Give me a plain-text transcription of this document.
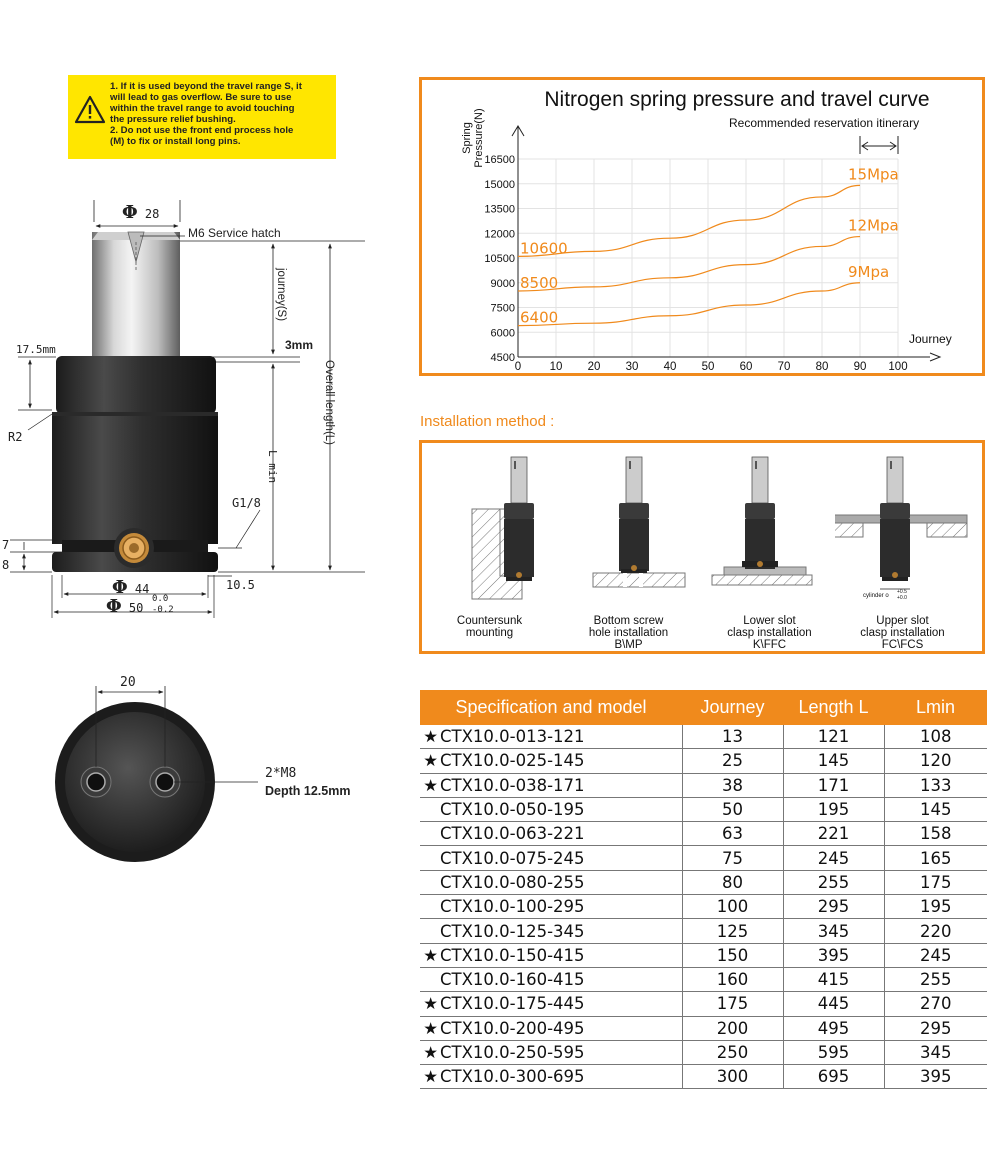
1. If it is used beyond the travel range S, it
will lead to gas overflow. Be sure to use
within the travel range to avoid touching
the pressure relief bushing.
2. Do not use the front end process hole
(M) to fix or install long pins.
Φ 28
M6 Service hatch
journey(S)
3mm
17.5mm
Overall length(L)
L min
R2
G1/8
7
8
10.5
Φ 44
Φ 50
0.0
-0.2
Nitrogen spring pressure and travel curve
Recommended reservation itinerary
0 10 20 30 40 50 60 70 80 90 100
16500
15000
13500
12000
10500
9000
7500
6000
4500
Spring Pressure(N)
Journey
10600
15Mpa
8500
12Mpa
6400
9Mpa
Installation method :
Countersunk
mounting
Bottom screw
hole installation
B\MP
Lower slot
clasp installation
K\FFC
cylinder o
+0.5
+0.0
Upper slot
clasp installation
FC\FCS
20
2*M8
Depth 12.5mm
Specification and model	Journey	Length L	Lmin
★ CTX10.0-013-121	13	121	108
★ CTX10.0-025-145	25	145	120
★ CTX10.0-038-171	38	171	133
CTX10.0-050-195	50	195	145
CTX10.0-063-221	63	221	158
CTX10.0-075-245	75	245	165
CTX10.0-080-255	80	255	175
CTX10.0-100-295	100	295	195
CTX10.0-125-345	125	345	220
★ CTX10.0-150-415	150	395	245
CTX10.0-160-415	160	415	255
★ CTX10.0-175-445	175	445	270
★ CTX10.0-200-495	200	495	295
★ CTX10.0-250-595	250	595	345
★ CTX10.0-300-695	300	695	395
